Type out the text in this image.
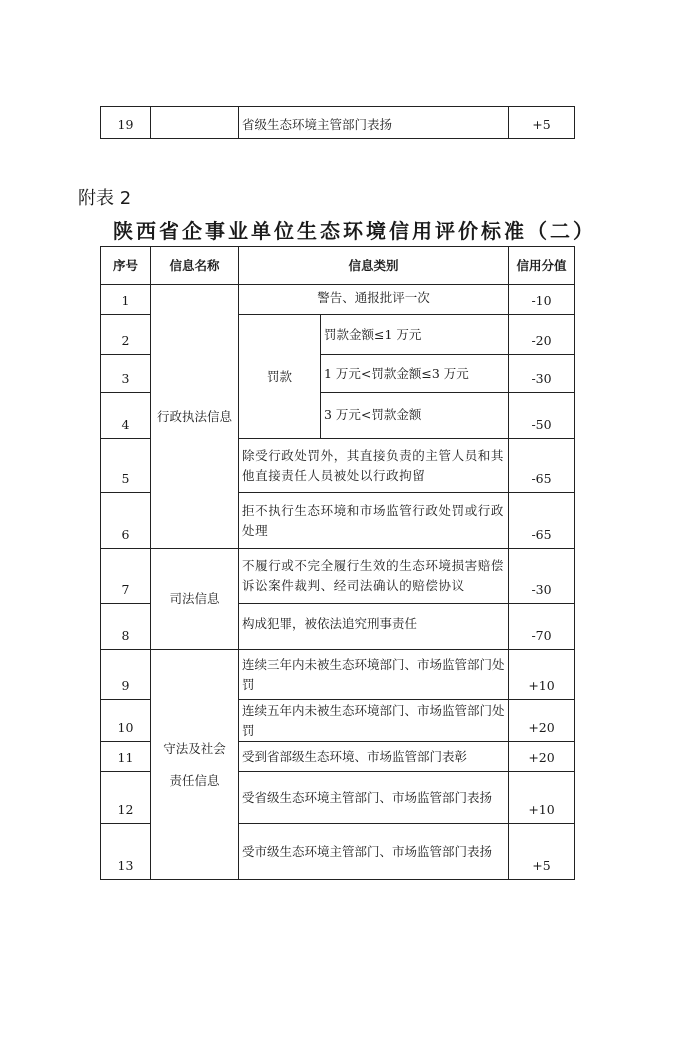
19		省级生态环境主管部门表扬	+5
附表 2
陕西省企事业单位生态环境信用评价标准（二）
序号	信息名称	信息类别		信用分值
1	行政执法信息	警告、通报批评一次		-10
2		罚款	罚款金额≤1 万元	-20
3			1 万元<罚款金额≤3 万元	-30
4			3 万元<罚款金额	-50
5		除受行政处罚外，其直接负责的主管人员和其他直接责任人员被处以行政拘留		-65
6		拒不执行生态环境和市场监管行政处罚或行政处理		-65
7	司法信息	不履行或不完全履行生效的生态环境损害赔偿诉讼案件裁判、经司法确认的赔偿协议		-30
8		构成犯罪，被依法追究刑事责任		-70
9	守法及社会
责任信息	连续三年内未被生态环境部门、市场监管部门处罚		+10
10		连续五年内未被生态环境部门、市场监管部门处罚		+20
11		受到省部级生态环境、市场监管部门表彰		+20
12		受省级生态环境主管部门、市场监管部门表扬		+10
13		受市级生态环境主管部门、市场监管部门表扬		+5
